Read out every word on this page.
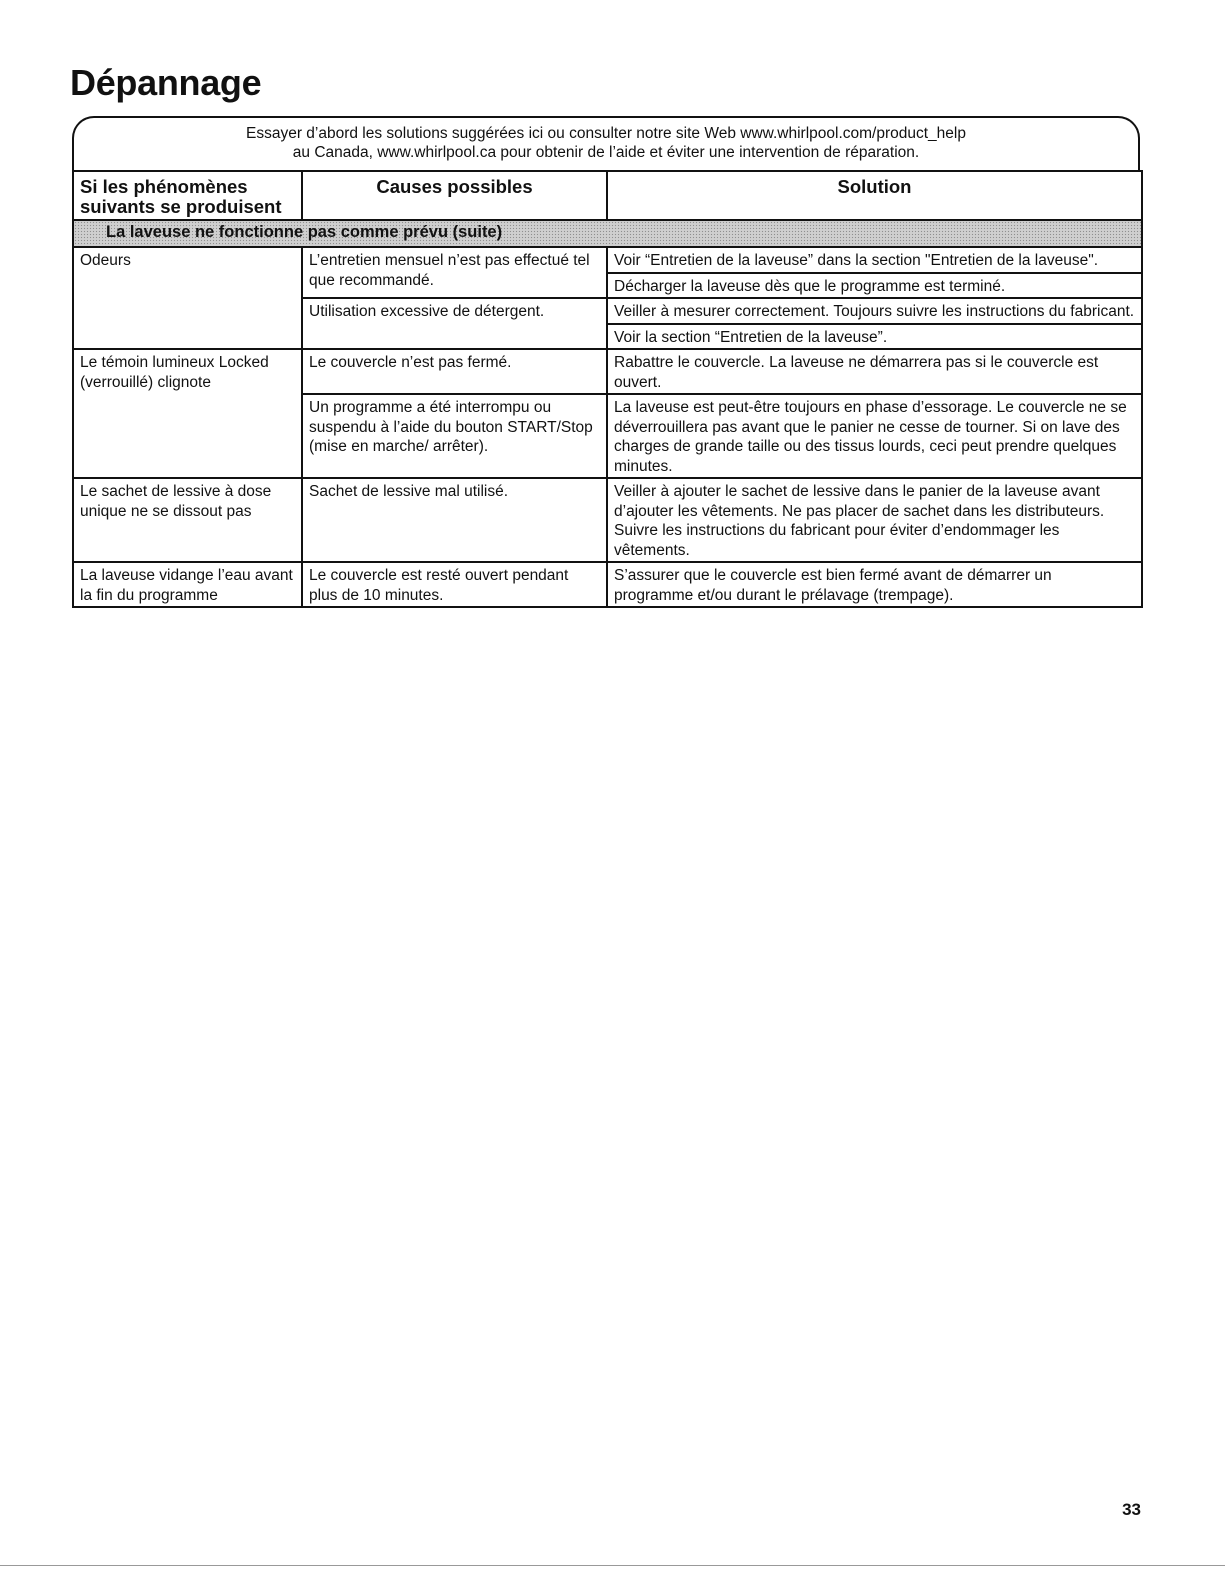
Dépannage
Essayer d’abord les solutions suggérées ici ou consulter notre site Web www.whirlpool.com/product_help
au Canada, www.whirlpool.ca pour obtenir de l’aide et éviter une intervention de réparation.
Si les phénomènes
suivants se produisent	Causes possibles	Solution
La laveuse ne fonctionne pas comme prévu (suite)		
Odeurs	L’entretien mensuel n’est pas effectué tel que recommandé.	Voir “Entretien de la laveuse” dans la section "Entretien de la laveuse".
		Décharger la laveuse dès que le programme est terminé.
	Utilisation excessive de détergent.	Veiller à mesurer correctement. Toujours suivre les instructions du fabricant.
		Voir la section “Entretien de la laveuse”.
Le témoin lumineux Locked (verrouillé) clignote	Le couvercle n’est pas fermé.	Rabattre le couvercle. La laveuse ne démarrera pas si le couvercle est ouvert.
	Un programme a été interrompu ou suspendu à l’aide du bouton START/Stop (mise en marche/ arrêter).	La laveuse est peut-être toujours en phase d’essorage. Le couvercle ne se déverrouillera pas avant que le panier ne cesse de tourner. Si on lave des charges de grande taille ou des tissus lourds, ceci peut prendre quelques minutes.
Le sachet de lessive à dose unique ne se dissout pas	Sachet de lessive mal utilisé.	Veiller à ajouter le sachet de lessive dans le panier de la laveuse avant d’ajouter les vêtements. Ne pas placer de sachet dans les distributeurs. Suivre les instructions du fabricant pour éviter d’endommager les vêtements.
La laveuse vidange l’eau avant la fin du programme	Le couvercle est resté ouvert pendant plus de 10 minutes.	S’assurer que le couvercle est bien fermé avant de démarrer un programme et/ou durant le prélavage (trempage).
33
